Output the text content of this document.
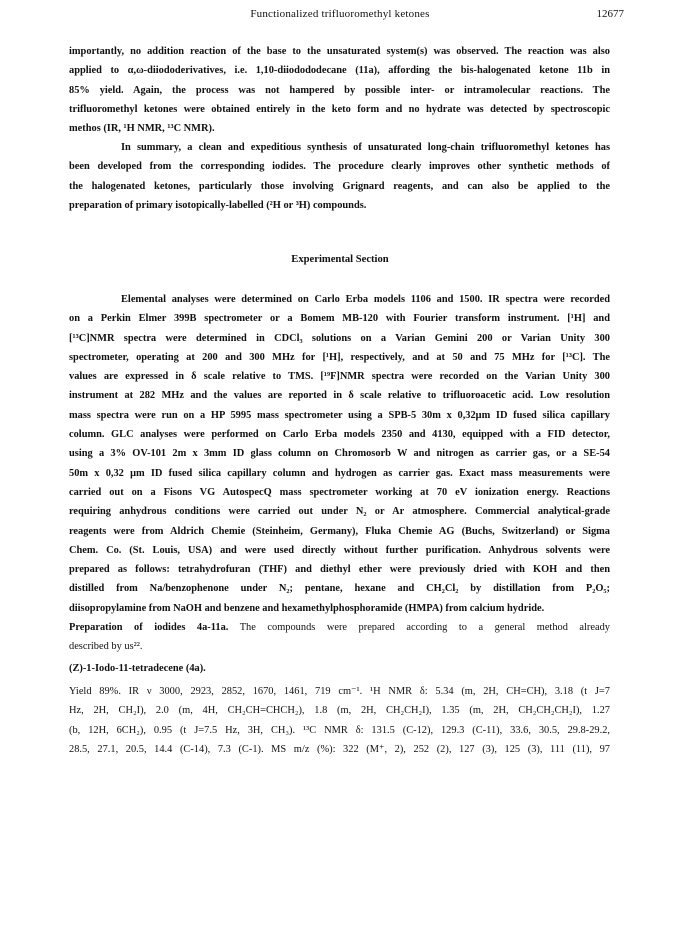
Functionalized trifluoromethyl ketones	12677
importantly, no addition reaction of the base to the unsaturated system(s) was observed. The reaction was also
applied to α,ω-diiododerivatives, i.e. 1,10-diiodododecane (11a), affording the bis-halogenated ketone 11b in
85% yield. Again, the process was not hampered by possible inter- or intramolecular reactions. The
trifluoromethyl ketones were obtained entirely in the keto form and no hydrate was detected by spectroscopic
methos (IR, ¹H NMR, ¹³C NMR).
In summary, a clean and expeditious synthesis of unsaturated long-chain trifluoromethyl ketones has
been developed from the corresponding iodides. The procedure clearly improves other synthetic methods of
the halogenated ketones, particularly those involving Grignard reagents, and can also be applied to the
preparation of primary isotopically-labelled (²H or ³H) compounds.
Experimental Section
Elemental analyses were determined on Carlo Erba models 1106 and 1500. IR spectra were recorded
on a Perkin Elmer 399B spectrometer or a Bomem MB-120 with Fourier transform instrument. [¹H] and
[¹³C]NMR spectra were determined in CDCl₃ solutions on a Varian Gemini 200 or Varian Unity 300
spectrometer, operating at 200 and 300 MHz for [¹H], respectively, and at 50 and 75 MHz for [¹³C]. The
values are expressed in δ scale relative to TMS. [¹⁹F]NMR spectra were recorded on the Varian Unity 300
instrument at 282 MHz and the values are reported in δ scale relative to trifluoroacetic acid. Low resolution
mass spectra were run on a HP 5995 mass spectrometer using a SPB-5 30m x 0,32μm ID fused silica capillary
column. GLC analyses were performed on Carlo Erba models 2350 and 4130, equipped with a FID detector,
using a 3% OV-101 2m x 3mm ID glass column on Chromosorb W and nitrogen as carrier gas, or a SE-54
50m x 0,32 μm ID fused silica capillary column and hydrogen as carrier gas. Exact mass measurements were
carried out on a Fisons VG AutospecQ mass spectrometer working at 70 eV ionization energy. Reactions
requiring anhydrous conditions were carried out under N₂ or Ar atmosphere. Commercial analytical-grade
reagents were from Aldrich Chemie (Steinheim, Germany), Fluka Chemie AG (Buchs, Switzerland) or Sigma
Chem. Co. (St. Louis, USA) and were used directly without further purification. Anhydrous solvents were
prepared as follows: tetrahydrofuran (THF) and diethyl ether were previously dried with KOH and then
distilled from Na/benzophenone under N₂; pentane, hexane and CH₂Cl₂ by distillation from P₂O₅;
diisopropylamine from NaOH and benzene and hexamethylphosphoramide (HMPA) from calcium hydride.
Preparation of iodides 4a-11a. The compounds were prepared according to a general method already
described by us²².
(Z)-1-Iodo-11-tetradecene (4a).
Yield 89%. IR ν 3000, 2923, 2852, 1670, 1461, 719 cm⁻¹. ¹H NMR δ: 5.34 (m, 2H, CH=CH), 3.18 (t J=7
Hz, 2H, CH₂I), 2.0 (m, 4H, CH₂CH=CHCH₂), 1.8 (m, 2H, CH₂CH₂I), 1.35 (m, 2H, CH₂CH₂CH₂I), 1.27
(b, 12H, 6CH₂), 0.95 (t J=7.5 Hz, 3H, CH₃). ¹³C NMR δ: 131.5 (C-12), 129.3 (C-11), 33.6, 30.5, 29.8-29.2,
28.5, 27.1, 20.5, 14.4 (C-14), 7.3 (C-1). MS m/z (%): 322 (M⁺, 2), 252 (2), 127 (3), 125 (3), 111 (11), 97
